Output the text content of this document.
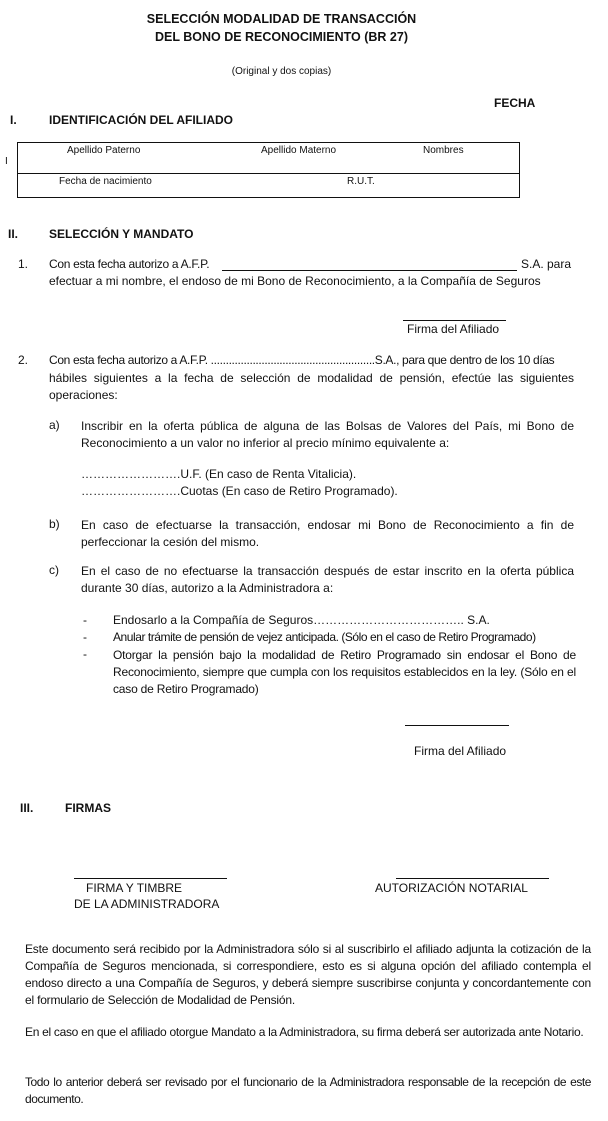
SELECCIÓN MODALIDAD DE TRANSACCIÓN
DEL BONO DE RECONOCIMIENTO (BR 27)
(Original y dos copias)
FECHA
I.	IDENTIFICACIÓN DEL AFILIADO
I
Apellido Paterno	Apellido Materno	Nombres
Fecha de nacimiento	R.U.T.
II.	SELECCIÓN Y MANDATO
1. Con esta fecha autorizo a A.F.P.	S.A. para
efectuar a mi nombre, el endoso de mi Bono de Reconocimiento, a la Compañía de Seguros
Firma del Afiliado
2. Con esta fecha autorizo a A.F.P. .......................................................S.A., para que dentro de los 10 días
hábiles siguientes a la fecha de selección de modalidad de pensión, efectúe las siguientes operaciones:
a) Inscribir en la oferta pública de alguna de las Bolsas de Valores del País, mi Bono de Reconocimiento a un valor no inferior al precio mínimo equivalente a:
…………………….U.F. (En caso de Renta Vitalicia).
…………………….Cuotas (En caso de Retiro Programado).
b) En caso de efectuarse la transacción, endosar mi Bono de Reconocimiento a fin de perfeccionar la cesión del mismo.
c) En el caso de no efectuarse la transacción después de estar inscrito en la oferta pública durante 30 días, autorizo a la Administradora a:
- Endosarlo a la Compañía de Seguros……………………………….. S.A.
- Anular trámite de pensión de vejez anticipada. (Sólo en el caso de Retiro Programado)
- Otorgar la pensión bajo la modalidad de Retiro Programado sin endosar el Bono de Reconocimiento, siempre que cumpla con los requisitos establecidos en la ley. (Sólo en el caso de Retiro Programado)
Firma del Afiliado
III.	FIRMAS
FIRMA Y TIMBRE
DE LA ADMINISTRADORA
AUTORIZACIÓN NOTARIAL
Este documento será recibido por la Administradora sólo si al suscribirlo el afiliado adjunta la cotización de la Compañía de Seguros mencionada, si correspondiere, esto es si alguna opción del afiliado contempla el endoso directo a una Compañía de Seguros, y deberá siempre suscribirse conjunta y concordantemente con el formulario de Selección de Modalidad de Pensión.
En el caso en que el afiliado otorgue Mandato a la Administradora, su firma deberá ser autorizada ante Notario.
Todo lo anterior deberá ser revisado por el funcionario de la Administradora responsable de la recepción de este documento.
